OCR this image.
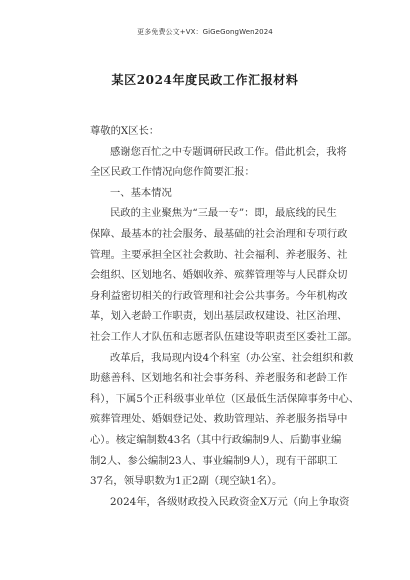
更多免费公文+VX：GiGeGongWen2024
某区2024年度民政工作汇报材料
尊敬的X区长：
感谢您百忙之中专题调研民政工作。借此机会，我将
全区民政工作情况向您作简要汇报：
一、基本情况
民政的主业聚焦为“三最一专”：即，最底线的民生
保障、最基本的社会服务、最基础的社会治理和专项行政
管理。主要承担全区社会救助、社会福利、养老服务、社
会组织、区划地名、婚姻收养、殡葬管理等与人民群众切
身利益密切相关的行政管理和社会公共事务。今年机构改
革，划入老龄工作职责，划出基层政权建设、社区治理、
社会工作人才队伍和志愿者队伍建设等职责至区委社工部。
改革后，我局现内设4个科室（办公室、社会组织和救
助慈善科、区划地名和社会事务科、养老服务和老龄工作
科），下属5个正科级事业单位（区最低生活保障事务中心、
殡葬管理处、婚姻登记处、救助管理站、养老服务指导中
心）。核定编制数43名（其中行政编制9人、后勤事业编
制2人、参公编制23人、事业编制9人），现有干部职工
37名，领导职数为1正2副（现空缺1名）。
2024年，各级财政投入民政资金X万元（向上争取资
